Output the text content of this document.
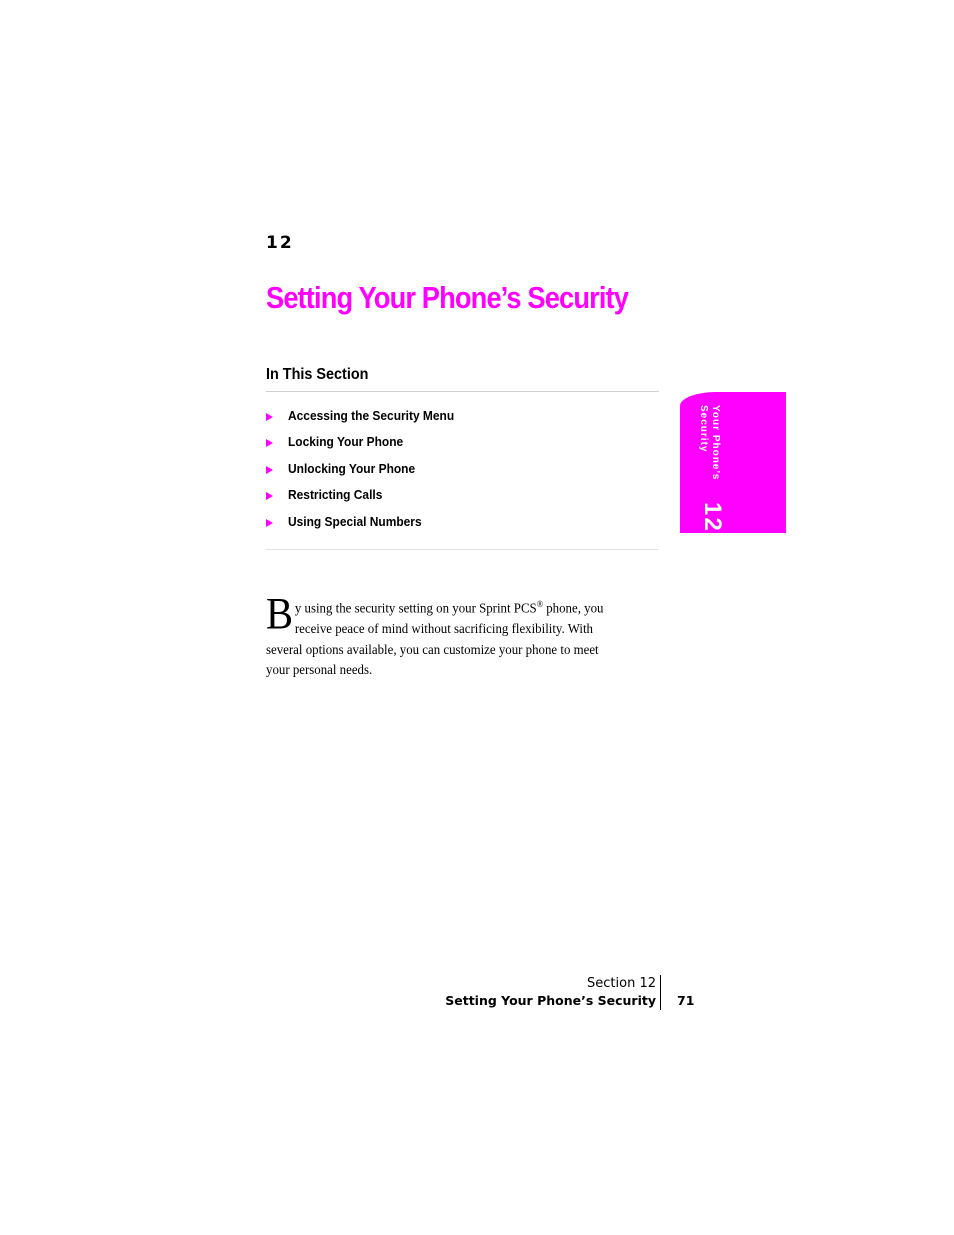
12
Setting Your Phone’s Security
In This Section
Accessing the Security Menu
Locking Your Phone
Unlocking Your Phone
Restricting Calls
Using Special Numbers
Your Phone’s
Security
12

By using the security setting on your Sprint PCS® phone, you receive peace of mind without sacrificing flexibility. With several options available, you can customize your phone to meet your personal needs.

Section 12
Setting Your Phone’s Security 71
